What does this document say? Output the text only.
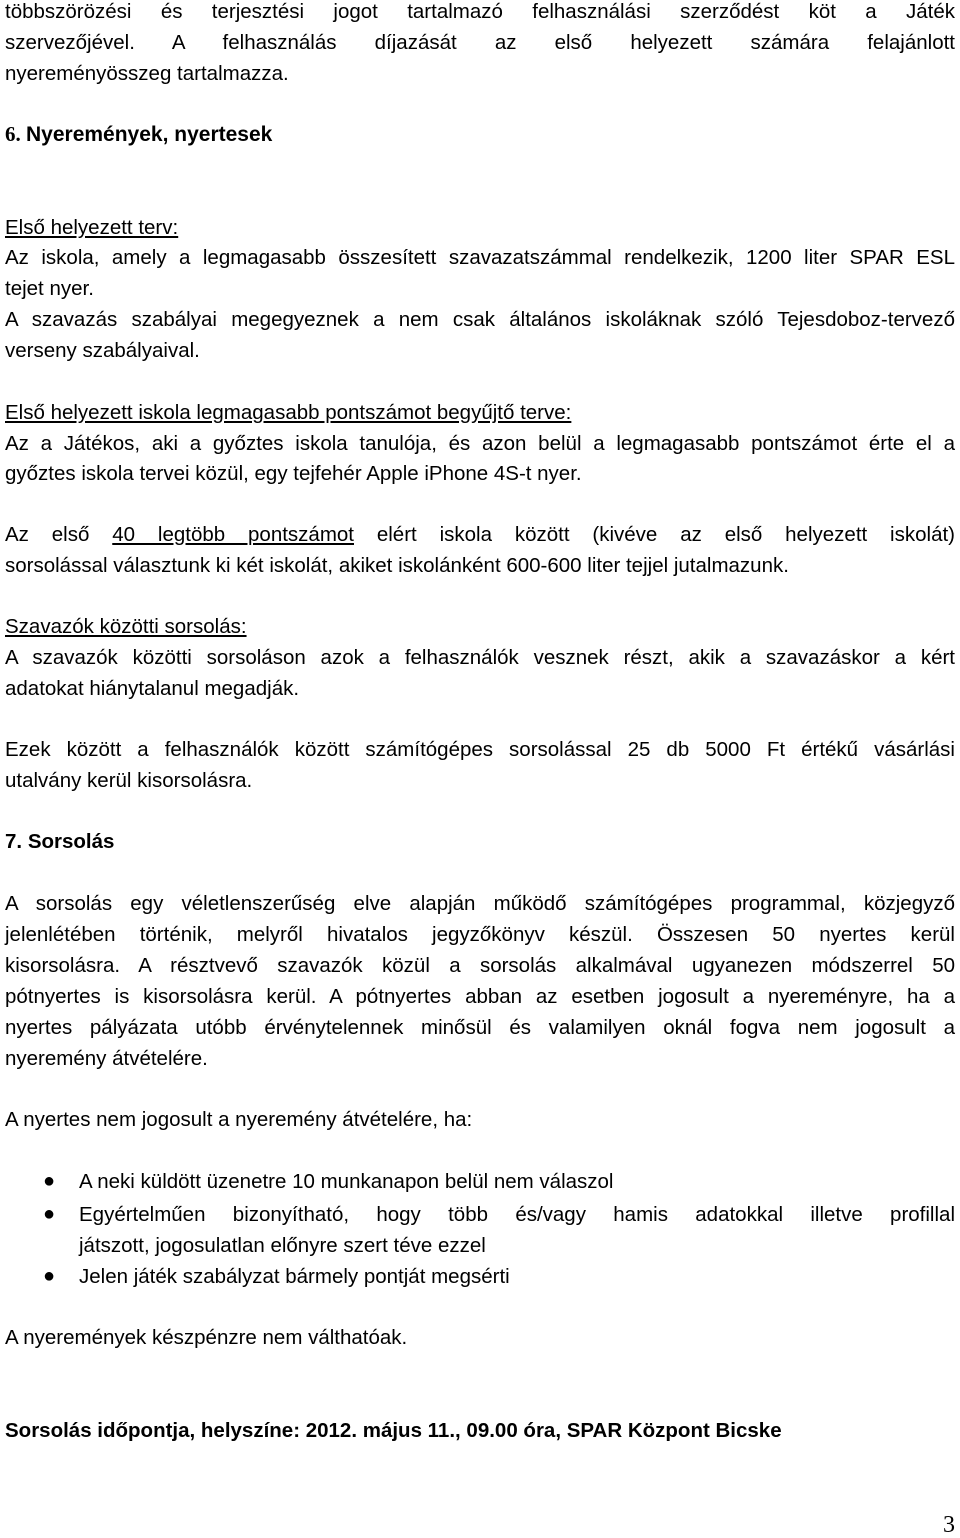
többszörözési és terjesztési jogot tartalmazó felhasználási szerződést köt a Játék
szervezőjével. A felhasználás díjazását az első helyezett számára felajánlott
nyereményösszeg tartalmazza.
6. Nyeremények, nyertesek
Első helyezett terv:
Az iskola, amely a legmagasabb összesített szavazatszámmal rendelkezik, 1200 liter SPAR ESL
tejet nyer.
A szavazás szabályai megegyeznek a nem csak általános iskoláknak szóló Tejesdoboz-tervező
verseny szabályaival.
Első helyezett iskola legmagasabb pontszámot begyűjtő terve:
Az a Játékos, aki a győztes iskola tanulója, és azon belül a legmagasabb pontszámot érte el a
győztes iskola tervei közül, egy tejfehér Apple iPhone 4S-t nyer.
Az első 40 legtöbb pontszámot elért iskola között (kivéve az első helyezett iskolát)
sorsolással választunk ki két iskolát, akiket iskolánként 600-600 liter tejjel jutalmazunk.
Szavazók közötti sorsolás:
A szavazók közötti sorsoláson azok a felhasználók vesznek részt, akik a szavazáskor a kért
adatokat hiánytalanul megadják.
Ezek között a felhasználók között számítógépes sorsolással 25 db 5000 Ft értékű vásárlási
utalvány kerül kisorsolásra.
7. Sorsolás
A sorsolás egy véletlenszerűség elve alapján működő számítógépes programmal, közjegyző
jelenlétében történik, melyről hivatalos jegyzőkönyv készül. Összesen 50 nyertes kerül
kisorsolásra. A résztvevő szavazók közül a sorsolás alkalmával ugyanezen módszerrel 50
pótnyertes is kisorsolásra kerül. A pótnyertes abban az esetben jogosult a nyereményre, ha a
nyertes pályázata utóbb érvénytelennek minősül és valamilyen oknál fogva nem jogosult a
nyeremény átvételére.
A nyertes nem jogosult a nyeremény átvételére, ha:
● A neki küldött üzenetre 10 munkanapon belül nem válaszol
● Egyértelműen bizonyítható, hogy több és/vagy hamis adatokkal illetve profillal
játszott, jogosulatlan előnyre szert téve ezzel
● Jelen játék szabályzat bármely pontját megsérti
A nyeremények készpénzre nem válthatóak.
Sorsolás időpontja, helyszíne: 2012. május 11., 09.00 óra, SPAR Központ Bicske
3
